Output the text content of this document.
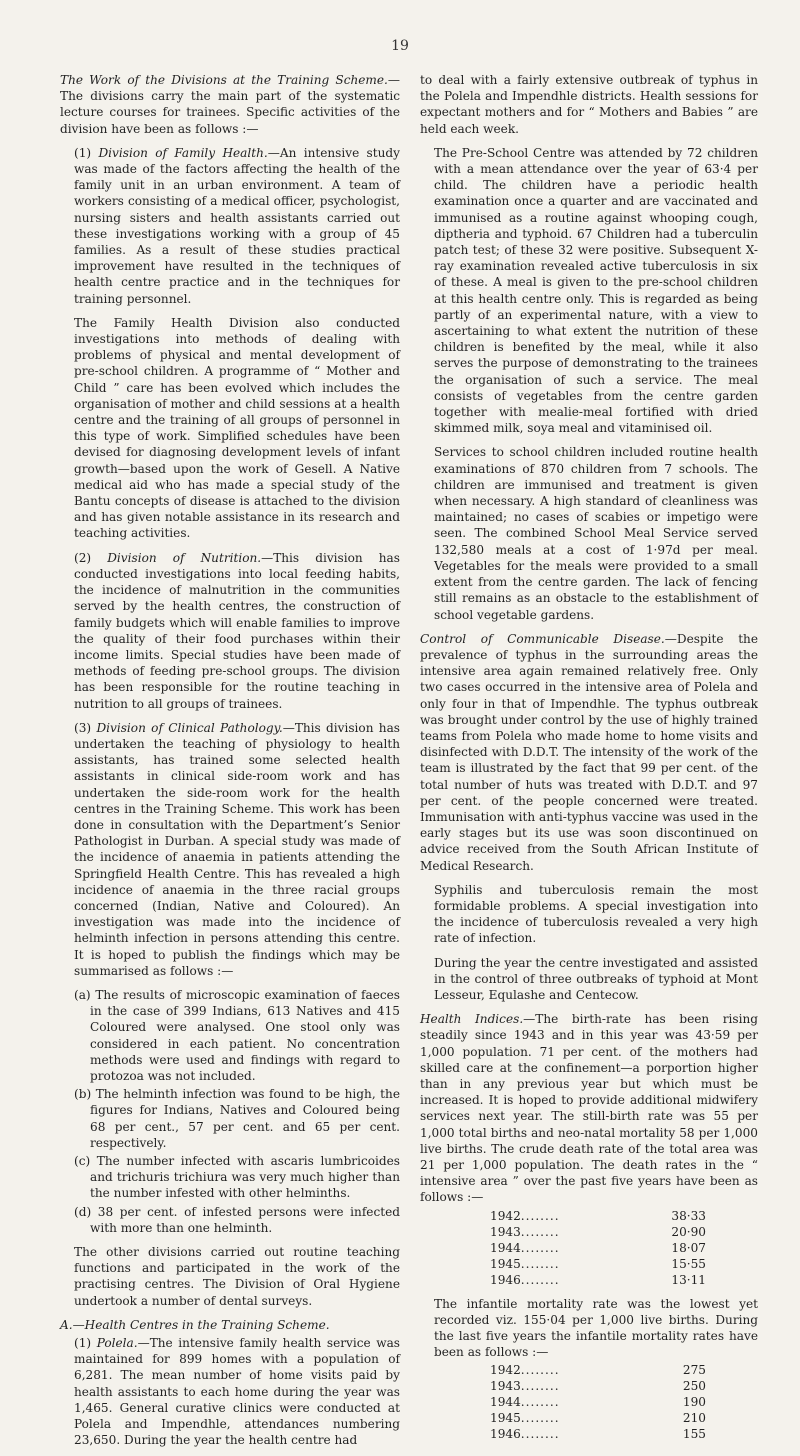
19

The Work of the Divisions at the Training Scheme.—The divisions carry the main part of the systematic lecture courses for trainees. Specific activities of the division have been as follows :—

(1) Division of Family Health.—An intensive study was made of the factors affecting the health of the family unit in an urban environment. A team of workers consisting of a medical officer, psychologist, nursing sisters and health assistants carried out these investigations working with a group of 45 families. As a result of these studies practical improvement have resulted in the techniques of health centre practice and in the techniques for training personnel.

The Family Health Division also conducted investigations into methods of dealing with problems of physical and mental development of pre-school children. A programme of “ Mother and Child ” care has been evolved which includes the organisation of mother and child sessions at a health centre and the training of all groups of personnel in this type of work. Simplified schedules have been devised for diagnosing development levels of infant growth—based upon the work of Gesell. A Native medical aid who has made a special study of the Bantu concepts of disease is attached to the division and has given notable assistance in its research and teaching activities.

(2) Division of Nutrition.—This division has conducted investigations into local feeding habits, the incidence of malnutrition in the communities served by the health centres, the construction of family budgets which will enable families to improve the quality of their food purchases within their income limits. Special studies have been made of methods of feeding pre-school groups. The division has been responsible for the routine teaching in nutrition to all groups of trainees.

(3) Division of Clinical Pathology.—This division has undertaken the teaching of physiology to health assistants, has trained some selected health assistants in clinical side-room work and has undertaken the side-room work for the health centres in the Training Scheme. This work has been done in consultation with the Department’s Senior Pathologist in Durban. A special study was made of the incidence of anaemia in patients attending the Springfield Health Centre. This has revealed a high incidence of anaemia in the three racial groups concerned (Indian, Native and Coloured). An investigation was made into the incidence of helminth infection in persons attending this centre. It is hoped to publish the findings which may be summarised as follows :—

(a) The results of microscopic examination of faeces in the case of 399 Indians, 613 Natives and 415 Coloured were analysed. One stool only was considered in each patient. No concentration methods were used and findings with regard to protozoa was not included.

(b) The helminth infection was found to be high, the figures for Indians, Natives and Coloured being 68 per cent., 57 per cent. and 65 per cent. respectively.

(c) The number infected with ascaris lumbricoides and trichuris trichiura was very much higher than the number infested with other helminths.

(d) 38 per cent. of infested persons were infected with more than one helminth.

The other divisions carried out routine teaching functions and participated in the work of the practising centres. The Division of Oral Hygiene undertook a number of dental surveys.

A.—Health Centres in the Training Scheme.

(1) Polela.—The intensive family health service was maintained for 899 homes with a population of 6,281. The mean number of home visits paid by health assistants to each home during the year was 1,465. General curative clinics were conducted at Polela and Impendhle, attendances numbering 23,650. During the year the health centre had

to deal with a fairly extensive outbreak of typhus in the Polela and Impendhle districts. Health sessions for expectant mothers and for “ Mothers and Babies ” are held each week.

The Pre-School Centre was attended by 72 children with a mean attendance over the year of 63·4 per child. The children have a periodic health examination once a quarter and are vaccinated and immunised as a routine against whooping cough, diptheria and typhoid. 67 Children had a tuberculin patch test; of these 32 were positive. Subsequent X-ray examination revealed active tuberculosis in six of these. A meal is given to the pre-school children at this health centre only. This is regarded as being partly of an experimental nature, with a view to ascertaining to what extent the nutrition of these children is benefited by the meal, while it also serves the purpose of demonstrating to the trainees the organisation of such a service. The meal consists of vegetables from the centre garden together with mealie-meal fortified with dried skimmed milk, soya meal and vitaminised oil.

Services to school children included routine health examinations of 870 children from 7 schools. The children are immunised and treatment is given when necessary. A high standard of cleanliness was maintained; no cases of scabies or impetigo were seen. The combined School Meal Service served 132,580 meals at a cost of 1·97d per meal. Vegetables for the meals were provided to a small extent from the centre garden. The lack of fencing still remains as an obstacle to the establishment of school vegetable gardens.

Control of Communicable Disease.—Despite the prevalence of typhus in the surrounding areas the intensive area again remained relatively free. Only two cases occurred in the intensive area of Polela and only four in that of Impendhle. The typhus outbreak was brought under control by the use of highly trained teams from Polela who made home to home visits and disinfected with D.D.T. The intensity of the work of the team is illustrated by the fact that 99 per cent. of the total number of huts was treated with D.D.T. and 97 per cent. of the people concerned were treated. Immunisation with anti-typhus vaccine was used in the early stages but its use was soon discontinued on advice received from the South African Institute of Medical Research.

Syphilis and tuberculosis remain the most formidable problems. A special investigation into the incidence of tuberculosis revealed a very high rate of infection.

During the year the centre investigated and assisted in the control of three outbreaks of typhoid at Mont Lesseur, Equlashe and Centecow.

Health Indices.—The birth-rate has been rising steadily since 1943 and in this year was 43·59 per 1,000 population. 71 per cent. of the mothers had skilled care at the confinement—a porportion higher than in any previous year but which must be increased. It is hoped to provide additional midwifery services next year. The still-birth rate was 55 per 1,000 total births and neo-natal mortality 58 per 1,000 live births. The crude death rate of the total area was 21 per 1,000 population. The death rates in the “ intensive area ” over the past five years have been as follows :—

1942........	38·33
1943........	20·90
1944........	18·07
1945........	15·55
1946........	13·11

The infantile mortality rate was the lowest yet recorded viz. 155·04 per 1,000 live births. During the last five years the infantile mortality rates have been as follows :—

1942........	275
1943........	250
1944........	190
1945........	210
1946........	155
